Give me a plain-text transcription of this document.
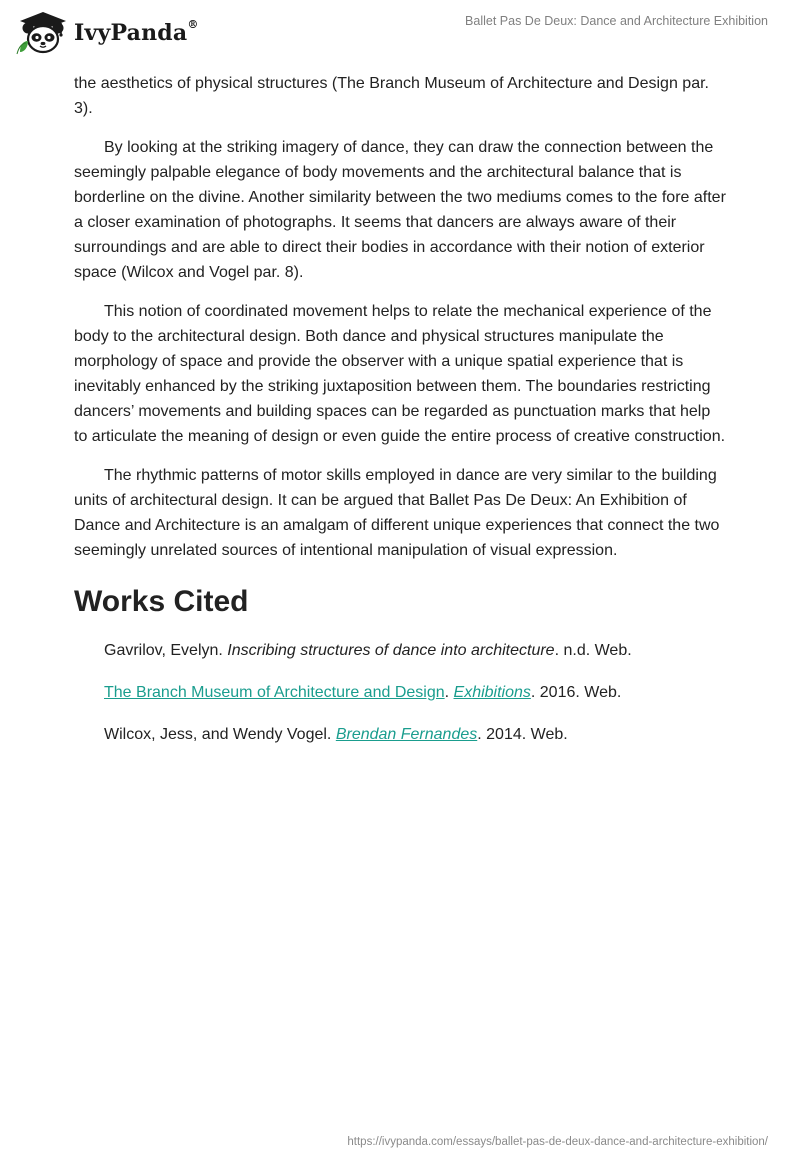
IvyPanda®	Ballet Pas De Deux: Dance and Architecture Exhibition

the aesthetics of physical structures (The Branch Museum of Architecture and Design par. 3).

By looking at the striking imagery of dance, they can draw the connection between the seemingly palpable elegance of body movements and the architectural balance that is borderline on the divine. Another similarity between the two mediums comes to the fore after a closer examination of photographs. It seems that dancers are always aware of their surroundings and are able to direct their bodies in accordance with their notion of exterior space (Wilcox and Vogel par. 8).

This notion of coordinated movement helps to relate the mechanical experience of the body to the architectural design. Both dance and physical structures manipulate the morphology of space and provide the observer with a unique spatial experience that is inevitably enhanced by the striking juxtaposition between them. The boundaries restricting dancers’ movements and building spaces can be regarded as punctuation marks that help to articulate the meaning of design or even guide the entire process of creative construction.

The rhythmic patterns of motor skills employed in dance are very similar to the building units of architectural design. It can be argued that Ballet Pas De Deux: An Exhibition of Dance and Architecture is an amalgam of different unique experiences that connect the two seemingly unrelated sources of intentional manipulation of visual expression.

Works Cited
Gavrilov, Evelyn. Inscribing structures of dance into architecture. n.d. Web.
The Branch Museum of Architecture and Design. Exhibitions. 2016. Web.
Wilcox, Jess, and Wendy Vogel. Brendan Fernandes. 2014. Web.
https://ivypanda.com/essays/ballet-pas-de-deux-dance-and-architecture-exhibition/
